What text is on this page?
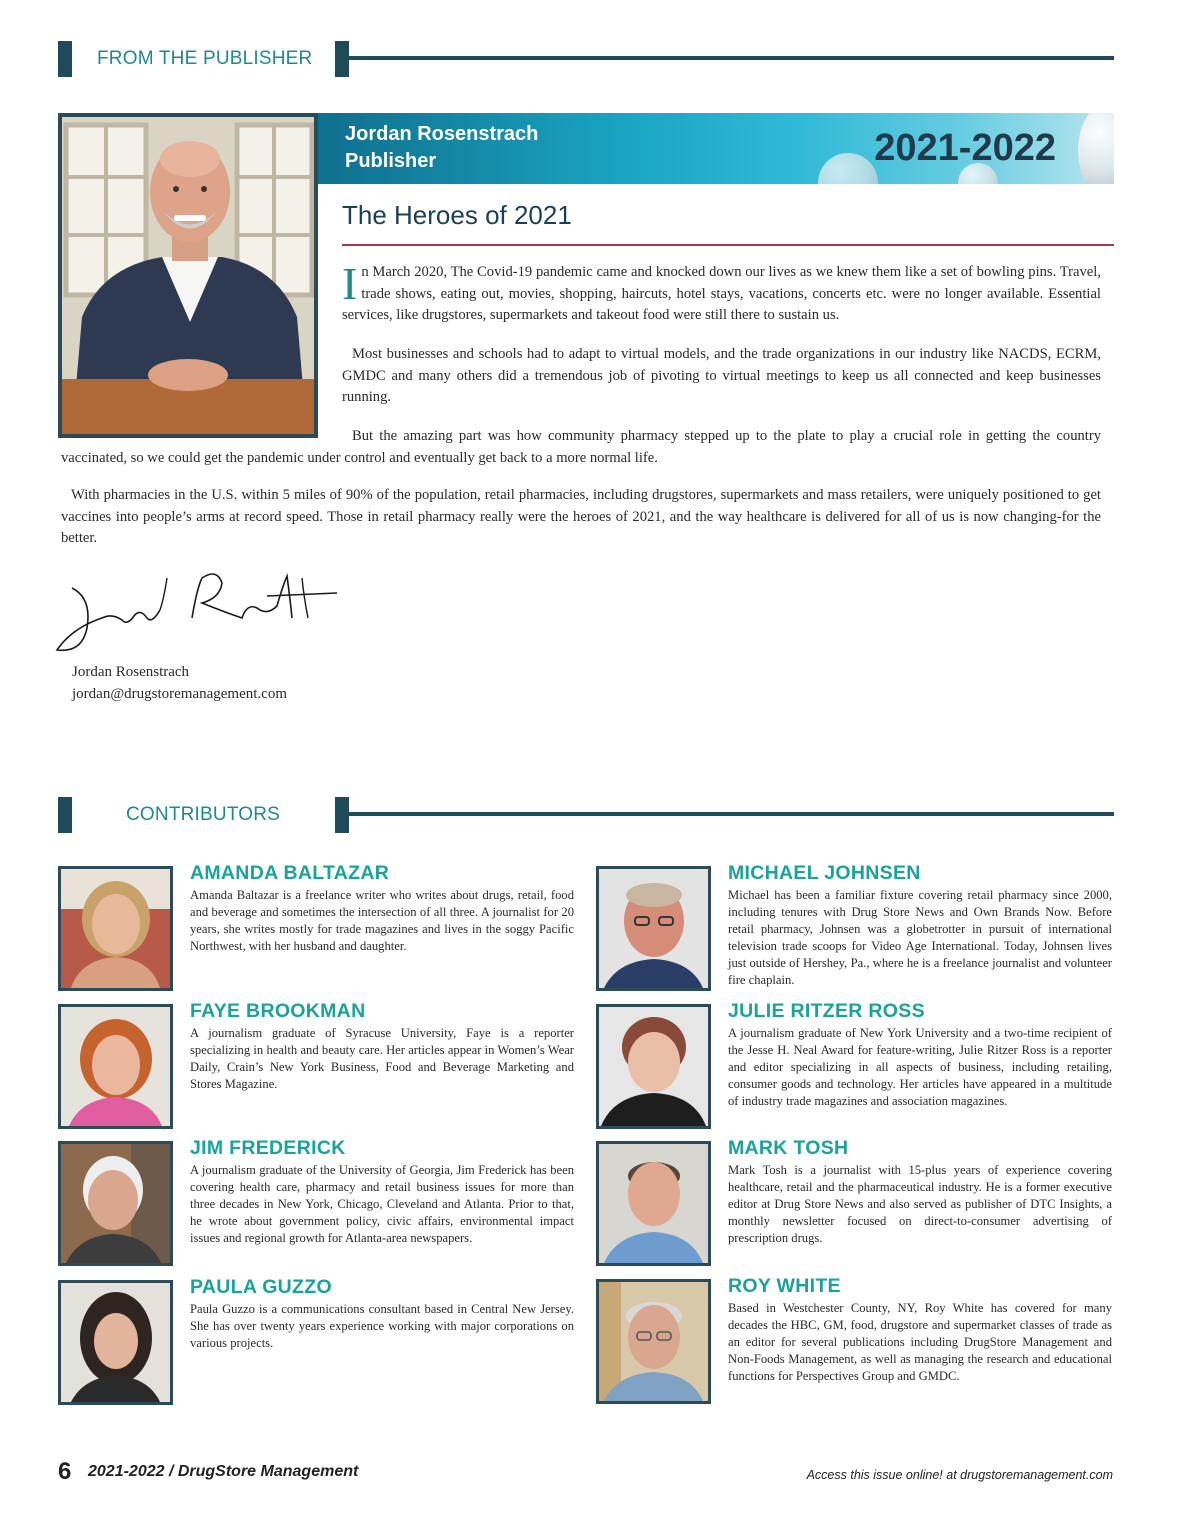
FROM THE PUBLISHER
Jordan Rosenstrach
Publisher	2021-2022
The Heroes of 2021
In March 2020, The Covid-19 pandemic came and knocked down our lives as we knew them like a set of bowling pins. Travel, trade shows, eating out, movies, shopping, haircuts, hotel stays, vacations, concerts etc. were no longer available. Essential services, like drugstores, supermarkets and takeout food were still there to sustain us.
Most businesses and schools had to adapt to virtual models, and the trade organizations in our industry like NACDS, ECRM, GMDC and many others did a tremendous job of pivoting to virtual meetings to keep us all connected and keep businesses running.
But the amazing part was how community pharmacy stepped up to the plate to play a crucial role in getting the country vaccinated, so we could get the pandemic under control and eventually get back to a more normal life.
With pharmacies in the U.S. within 5 miles of 90% of the population, retail pharmacies, including drugstores, supermarkets and mass retailers, were uniquely positioned to get vaccines into people’s arms at record speed. Those in retail pharmacy really were the heroes of 2021, and the way healthcare is delivered for all of us is now changing-for the better.
Jordan Rosenstrach
jordan@drugstoremanagement.com
CONTRIBUTORS
AMANDA BALTAZAR
Amanda Baltazar is a freelance writer who writes about drugs, retail, food and beverage and sometimes the intersection of all three. A journalist for 20 years, she writes mostly for trade magazines and lives in the soggy Pacific Northwest, with her husband and daughter.
FAYE BROOKMAN
A journalism graduate of Syracuse University, Faye is a reporter specializing in health and beauty care. Her articles appear in Women’s Wear Daily, Crain’s New York Business, Food and Beverage Marketing and Stores Magazine.
JIM FREDERICK
A journalism graduate of the University of Georgia, Jim Frederick has been covering health care, pharmacy and retail business issues for more than three decades in New York, Chicago, Cleveland and Atlanta. Prior to that, he wrote about government policy, civic affairs, environmental impact issues and regional growth for Atlanta-area newspapers.
PAULA GUZZO
Paula Guzzo is a communications consultant based in Central New Jersey. She has over twenty years experience working with major corporations on various projects.
MICHAEL JOHNSEN
Michael has been a familiar fixture covering retail pharmacy since 2000, including tenures with Drug Store News and Own Brands Now. Before retail pharmacy, Johnsen was a globetrotter in pursuit of international television trade scoops for Video Age International. Today, Johnsen lives just outside of Hershey, Pa., where he is a freelance journalist and volunteer fire chaplain.
JULIE RITZER ROSS
A journalism graduate of New York University and a two-time recipient of the Jesse H. Neal Award for feature-writing, Julie Ritzer Ross is a reporter and editor specializing in all aspects of business, including retailing, consumer goods and technology. Her articles have appeared in a multitude of industry trade magazines and association magazines.
MARK TOSH
Mark Tosh is a journalist with 15-plus years of experience covering healthcare, retail and the pharmaceutical industry. He is a former executive editor at Drug Store News and also served as publisher of DTC Insights, a monthly newsletter focused on direct-to-consumer advertising of prescription drugs.
ROY WHITE
Based in Westchester County, NY, Roy White has covered for many decades the HBC, GM, food, drugstore and supermarket classes of trade as an editor for several publications including DrugStore Management and Non-Foods Management, as well as managing the research and educational functions for Perspectives Group and GMDC.
6 2021-2022 / DrugStore Management	Access this issue online! at drugstoremanagement.com
